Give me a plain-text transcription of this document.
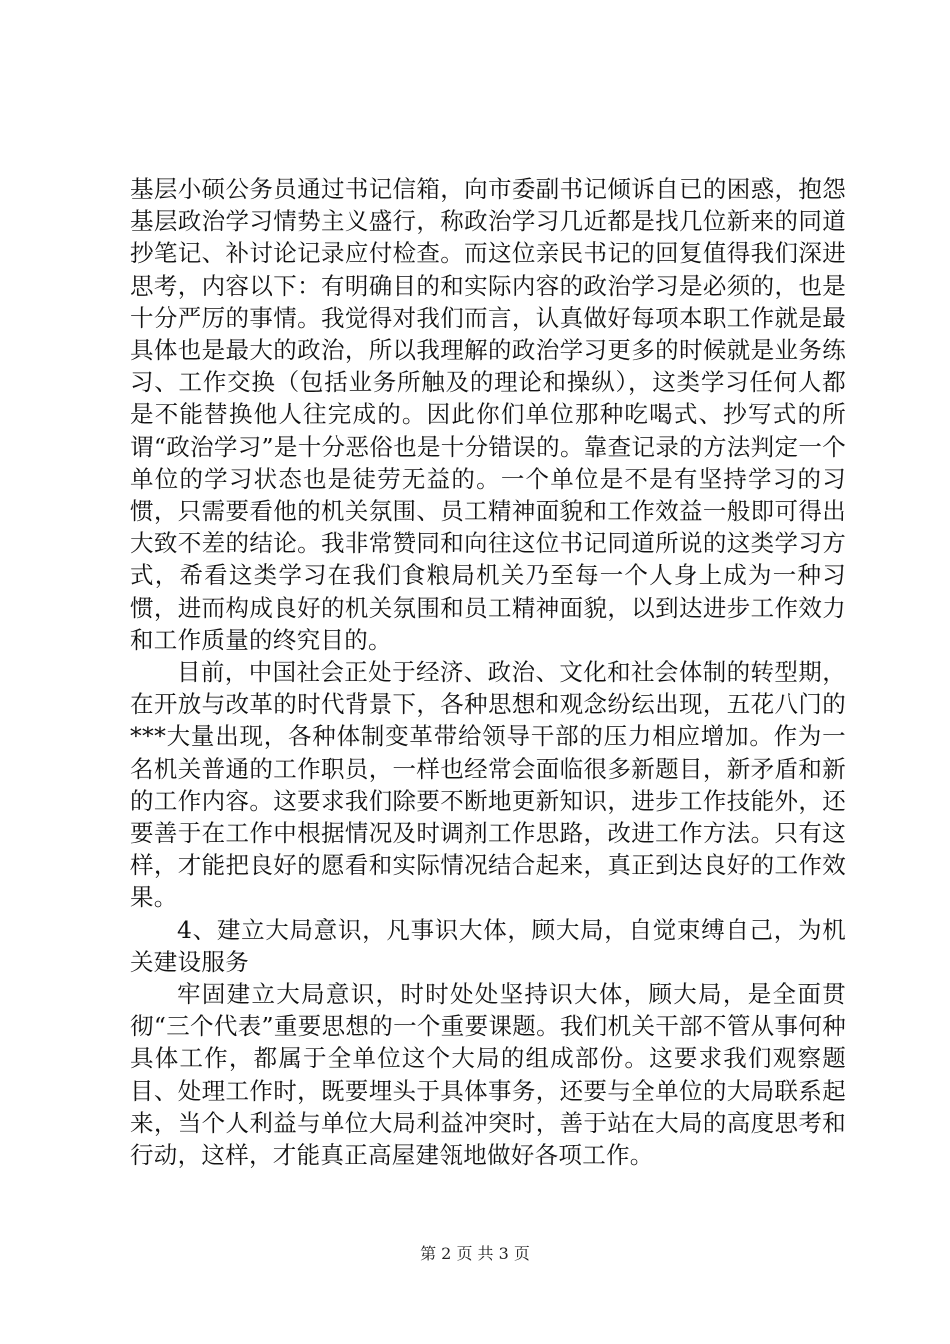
基层小硕公务员通过书记信箱，向市委副书记倾诉自已的困惑，抱怨基层政治学习情势主义盛行，称政治学习几近都是找几位新来的同道抄笔记、补讨论记录应付检查。而这位亲民书记的回复值得我们深进思考，内容以下：有明确目的和实际内容的政治学习是必须的，也是十分严厉的事情。我觉得对我们而言，认真做好每项本职工作就是最具体也是最大的政治，所以我理解的政治学习更多的时候就是业务练习、工作交换（包括业务所触及的理论和操纵），这类学习任何人都是不能替换他人往完成的。因此你们单位那种吃喝式、抄写式的所谓“政治学习”是十分恶俗也是十分错误的。靠查记录的方法判定一个单位的学习状态也是徒劳无益的。一个单位是不是有坚持学习的习惯，只需要看他的机关氛围、员工精神面貌和工作效益一般即可得出大致不差的结论。我非常赞同和向往这位书记同道所说的这类学习方式，希看这类学习在我们食粮局机关乃至每一个人身上成为一种习惯，进而构成良好的机关氛围和员工精神面貌，以到达进步工作效力和工作质量的终究目的。

目前，中国社会正处于经济、政治、文化和社会体制的转型期，在开放与改革的时代背景下，各种思想和观念纷纭出现，五花八门的***大量出现，各种体制变革带给领导干部的压力相应增加。作为一名机关普通的工作职员，一样也经常会面临很多新题目，新矛盾和新的工作内容。这要求我们除要不断地更新知识，进步工作技能外，还要善于在工作中根据情况及时调剂工作思路，改进工作方法。只有这样，才能把良好的愿看和实际情况结合起来，真正到达良好的工作效果。

4、建立大局意识，凡事识大体，顾大局，自觉束缚自己，为机关建设服务

牢固建立大局意识，时时处处坚持识大体，顾大局，是全面贯彻“三个代表”重要思想的一个重要课题。我们机关干部不管从事何种具体工作，都属于全单位这个大局的组成部份。这要求我们观察题目、处理工作时，既要埋头于具体事务，还要与全单位的大局联系起来，当个人利益与单位大局利益冲突时，善于站在大局的高度思考和行动，这样，才能真正高屋建瓴地做好各项工作。

第 2 页 共 3 页
